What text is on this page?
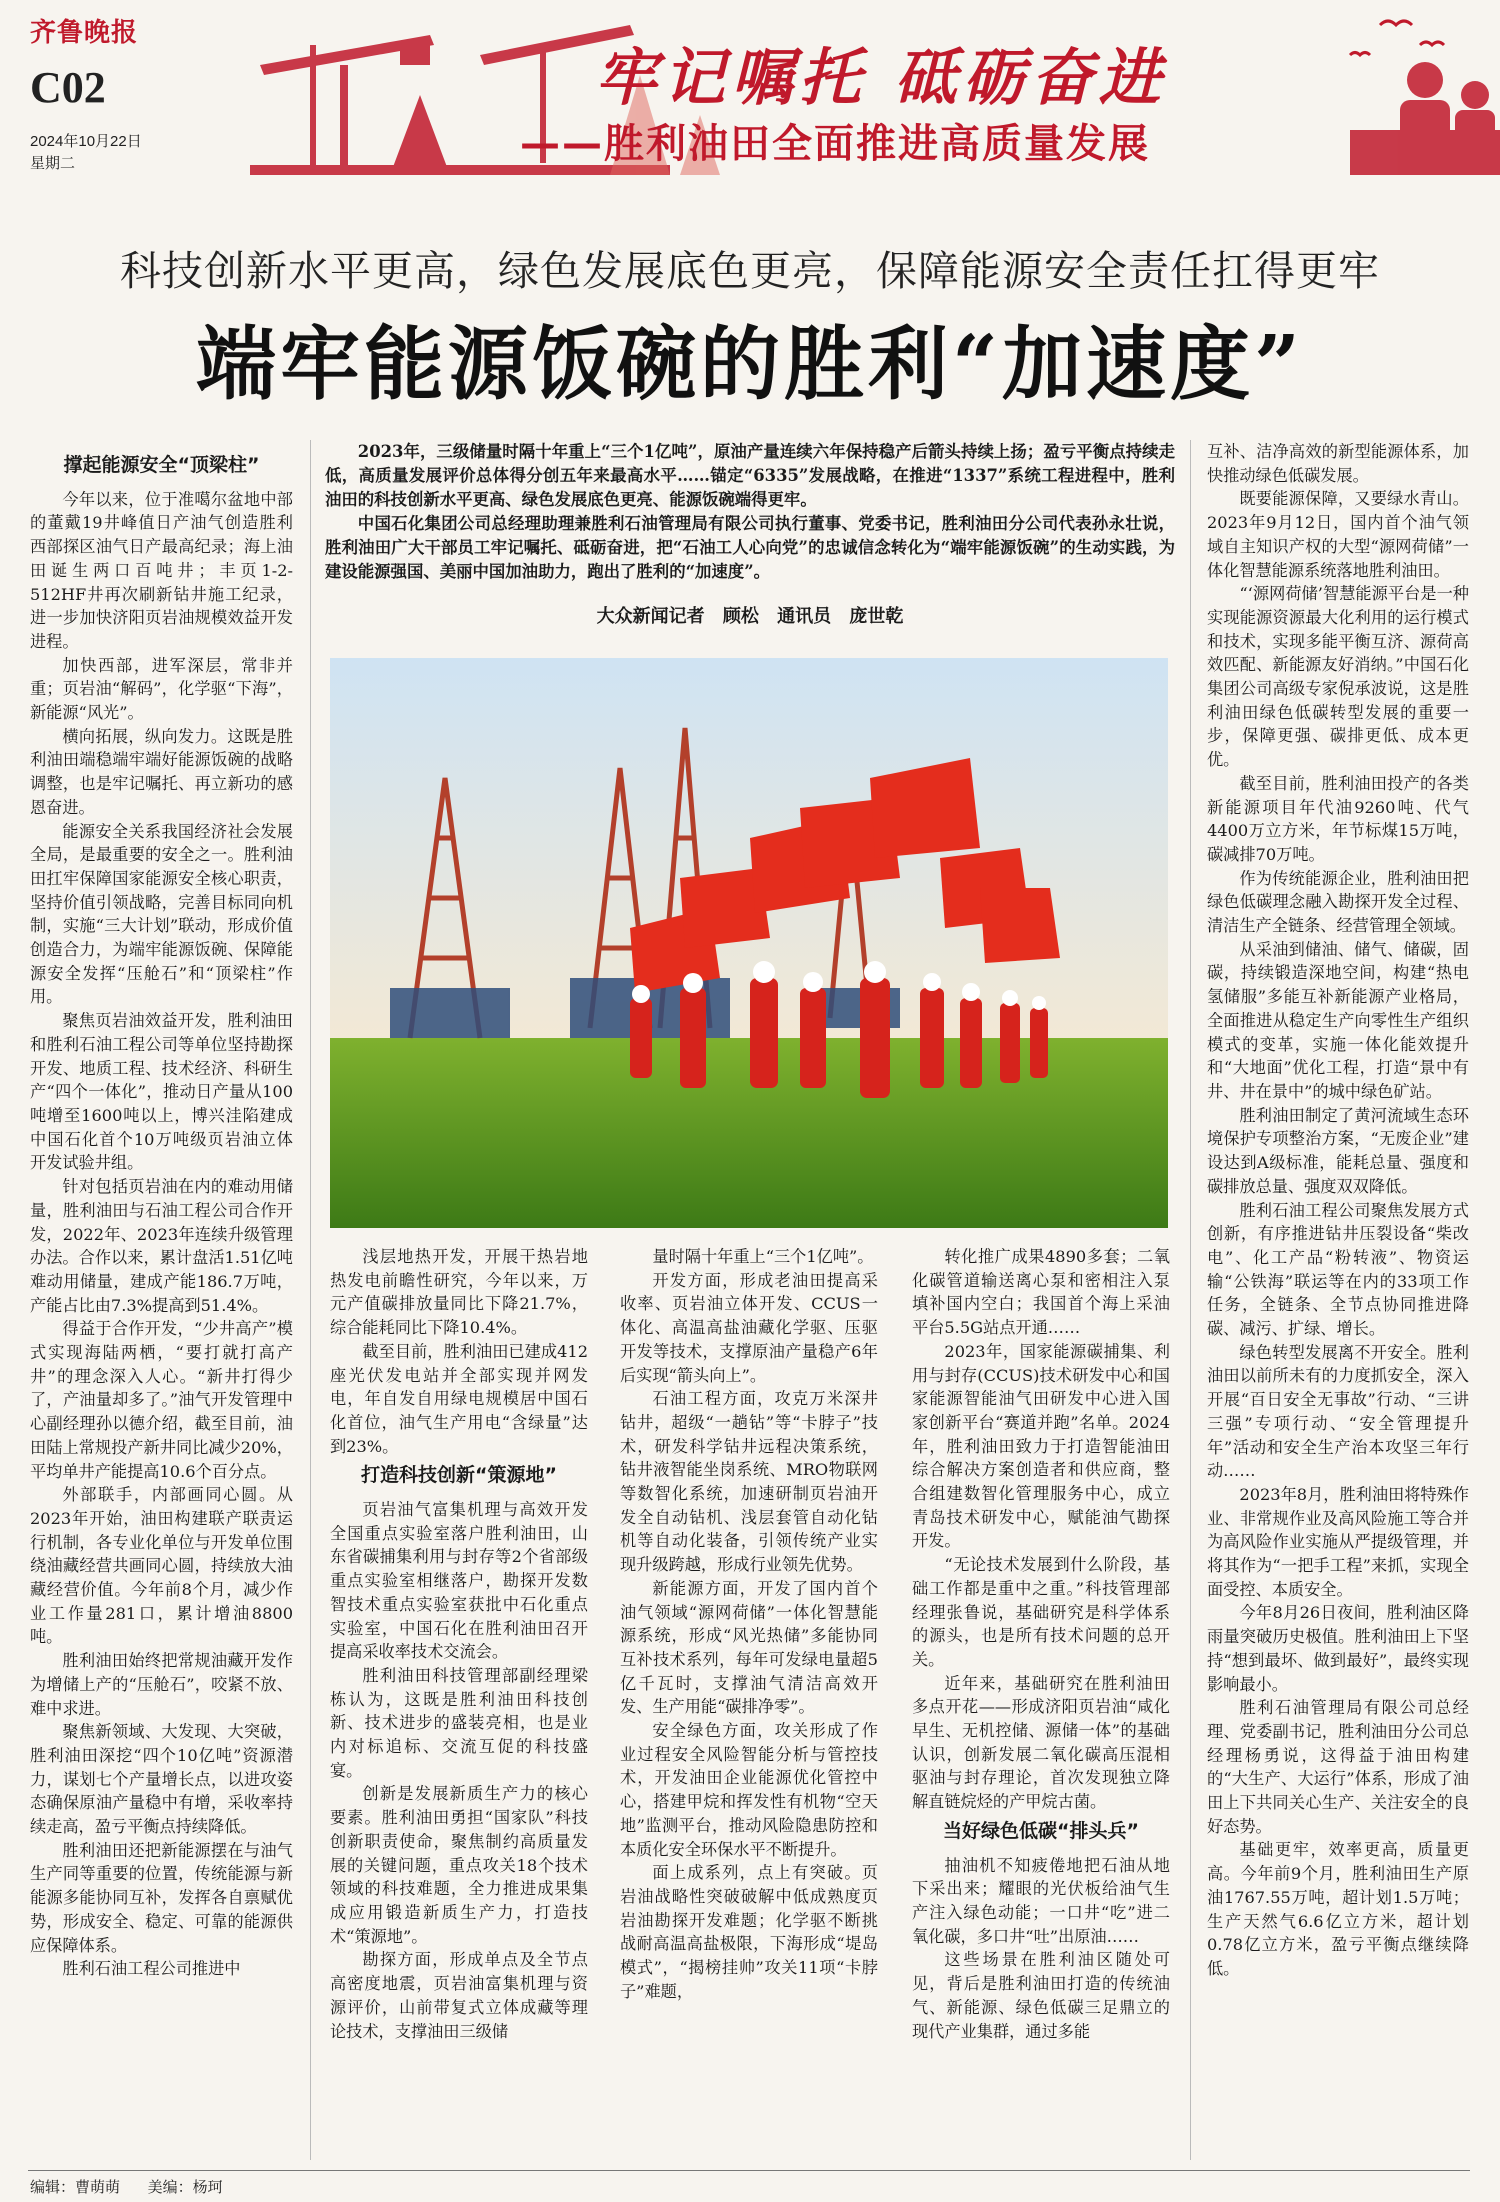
齐鲁晚报
C02
2024年10月22日
星期二
牢记嘱托 砥砺奋进
——胜利油田全面推进高质量发展
科技创新水平更高，绿色发展底色更亮，保障能源安全责任扛得更牢
端牢能源饭碗的胜利“加速度”

2023年，三级储量时隔十年重上“三个1亿吨”，原油产量连续六年保持稳产后箭头持续上扬；盈亏平衡点持续走低，高质量发展评价总体得分创五年来最高水平……锚定“6335”发展战略，在推进“1337”系统工程进程中，胜利油田的科技创新水平更高、绿色发展底色更亮、能源饭碗端得更牢。

中国石化集团公司总经理助理兼胜利石油管理局有限公司执行董事、党委书记，胜利油田分公司代表孙永壮说，胜利油田广大干部员工牢记嘱托、砥砺奋进，把“石油工人心向党”的忠诚信念转化为“端牢能源饭碗”的生动实践，为建设能源强国、美丽中国加油助力，跑出了胜利的“加速度”。

大众新闻记者 顾松 通讯员 庞世乾
撑起能源安全“顶梁柱”

今年以来，位于准噶尔盆地中部的董戴19井峰值日产油气创造胜利西部探区油气日产最高纪录；海上油田诞生两口百吨井；丰页1-2-512HF井再次刷新钻井施工纪录，进一步加快济阳页岩油规模效益开发进程。

加快西部，进军深层，常非并重；页岩油“解码”，化学驱“下海”，新能源“风光”。

横向拓展，纵向发力。这既是胜利油田端稳端牢端好能源饭碗的战略调整，也是牢记嘱托、再立新功的感恩奋进。

能源安全关系我国经济社会发展全局，是最重要的安全之一。胜利油田扛牢保障国家能源安全核心职责，坚持价值引领战略，完善目标同向机制，实施“三大计划”联动，形成价值创造合力，为端牢能源饭碗、保障能源安全发挥“压舱石”和“顶梁柱”作用。

聚焦页岩油效益开发，胜利油田和胜利石油工程公司等单位坚持勘探开发、地质工程、技术经济、科研生产“四个一体化”，推动日产量从100吨增至1600吨以上，博兴洼陷建成中国石化首个10万吨级页岩油立体开发试验井组。

针对包括页岩油在内的难动用储量，胜利油田与石油工程公司合作开发，2022年、2023年连续升级管理办法。合作以来，累计盘活1.51亿吨难动用储量，建成产能186.7万吨，产能占比由7.3%提高到51.4%。

得益于合作开发，“少井高产”模式实现海陆两栖，“要打就打高产井”的理念深入人心。“新井打得少了，产油量却多了。”油气开发管理中心副经理孙以德介绍，截至目前，油田陆上常规投产新井同比减少20%，平均单井产能提高10.6个百分点。

外部联手，内部画同心圆。从2023年开始，油田构建联产联责运行机制，各专业化单位与开发单位围绕油藏经营共画同心圆，持续放大油藏经营价值。今年前8个月，减少作业工作量281口，累计增油8800吨。

胜利油田始终把常规油藏开发作为增储上产的“压舱石”，咬紧不放、难中求进。

聚焦新领域、大发现、大突破，胜利油田深挖“四个10亿吨”资源潜力，谋划七个产量增长点，以进攻姿态确保原油产量稳中有增，采收率持续走高，盈亏平衡点持续降低。

胜利油田还把新能源摆在与油气生产同等重要的位置，传统能源与新能源多能协同互补，发挥各自禀赋优势，形成安全、稳定、可靠的能源供应保障体系。

胜利石油工程公司推进中

浅层地热开发，开展干热岩地热发电前瞻性研究，今年以来，万元产值碳排放量同比下降21.7%，综合能耗同比下降10.4%。

截至目前，胜利油田已建成412座光伏发电站并全部实现并网发电，年自发自用绿电规模居中国石化首位，油气生产用电“含绿量”达到23%。

打造科技创新“策源地”

页岩油气富集机理与高效开发全国重点实验室落户胜利油田，山东省碳捕集利用与封存等2个省部级重点实验室相继落户，勘探开发数智技术重点实验室获批中石化重点实验室，中国石化在胜利油田召开提高采收率技术交流会。

胜利油田科技管理部副经理梁栋认为，这既是胜利油田科技创新、技术进步的盛装亮相，也是业内对标追标、交流互促的科技盛宴。

创新是发展新质生产力的核心要素。胜利油田勇担“国家队”科技创新职责使命，聚焦制约高质量发展的关键问题，重点攻关18个技术领域的科技难题，全力推进成果集成应用锻造新质生产力，打造技术“策源地”。

勘探方面，形成单点及全节点高密度地震，页岩油富集机理与资源评价，山前带复式立体成藏等理论技术，支撑油田三级储

量时隔十年重上“三个1亿吨”。

开发方面，形成老油田提高采收率、页岩油立体开发、CCUS一体化、高温高盐油藏化学驱、压驱开发等技术，支撑原油产量稳产6年后实现“箭头向上”。

石油工程方面，攻克万米深井钻井，超级“一趟钻”等“卡脖子”技术，研发科学钻井远程决策系统，钻井液智能坐岗系统、MRO物联网等数智化系统，加速研制页岩油开发全自动钻机、浅层套管自动化钻机等自动化装备，引领传统产业实现升级跨越，形成行业领先优势。

新能源方面，开发了国内首个油气领域“源网荷储”一体化智慧能源系统，形成“风光热储”多能协同互补技术系列，每年可发绿电量超5亿千瓦时，支撑油气清洁高效开发、生产用能“碳排净零”。

安全绿色方面，攻关形成了作业过程安全风险智能分析与管控技术，开发油田企业能源优化管控中心，搭建甲烷和挥发性有机物“空天地”监测平台，推动风险隐患防控和本质化安全环保水平不断提升。

面上成系列，点上有突破。页岩油战略性突破破解中低成熟度页岩油勘探开发难题；化学驱不断挑战耐高温高盐极限，下海形成“堤岛模式”，“揭榜挂帅”攻关11项“卡脖子”难题，

转化推广成果4890多套；二氧化碳管道输送离心泵和密相注入泵填补国内空白；我国首个海上采油平台5.5G站点开通……

2023年，国家能源碳捕集、利用与封存(CCUS)技术研发中心和国家能源智能油气田研发中心进入国家创新平台“赛道并跑”名单。2024年，胜利油田致力于打造智能油田综合解决方案创造者和供应商，整合组建数智化管理服务中心，成立青岛技术研发中心，赋能油气勘探开发。

“无论技术发展到什么阶段，基础工作都是重中之重。”科技管理部经理张鲁说，基础研究是科学体系的源头，也是所有技术问题的总开关。

近年来，基础研究在胜利油田多点开花——形成济阳页岩油“咸化早生、无机控储、源储一体”的基础认识，创新发展二氧化碳高压混相驱油与封存理论，首次发现独立降解直链烷烃的产甲烷古菌。

当好绿色低碳“排头兵”

抽油机不知疲倦地把石油从地下采出来；耀眼的光伏板给油气生产注入绿色动能；一口井“吃”进二氧化碳，多口井“吐”出原油……

这些场景在胜利油区随处可见，背后是胜利油田打造的传统油气、新能源、绿色低碳三足鼎立的现代产业集群，通过多能

互补、洁净高效的新型能源体系，加快推动绿色低碳发展。

既要能源保障，又要绿水青山。2023年9月12日，国内首个油气领域自主知识产权的大型“源网荷储”一体化智慧能源系统落地胜利油田。

“‘源网荷储’智慧能源平台是一种实现能源资源最大化利用的运行模式和技术，实现多能平衡互济、源荷高效匹配、新能源友好消纳。”中国石化集团公司高级专家倪承波说，这是胜利油田绿色低碳转型发展的重要一步，保障更强、碳排更低、成本更优。

截至目前，胜利油田投产的各类新能源项目年代油9260吨、代气4400万立方米，年节标煤15万吨，碳减排70万吨。

作为传统能源企业，胜利油田把绿色低碳理念融入勘探开发全过程、清洁生产全链条、经营管理全领域。

从采油到储油、储气、储碳，固碳，持续锻造深地空间，构建“热电氢储服”多能互补新能源产业格局，全面推进从稳定生产向零性生产组织模式的变革，实施一体化能效提升和“大地面”优化工程，打造“景中有井、井在景中”的城中绿色矿站。

胜利油田制定了黄河流域生态环境保护专项整治方案，“无废企业”建设达到A级标准，能耗总量、强度和碳排放总量、强度双双降低。

胜利石油工程公司聚焦发展方式创新，有序推进钻井压裂设备“柴改电”、化工产品“粉转液”、物资运输“公铁海”联运等在内的33项工作任务，全链条、全节点协同推进降碳、减污、扩绿、增长。

绿色转型发展离不开安全。胜利油田以前所未有的力度抓安全，深入开展“百日安全无事故”行动、“三讲三强”专项行动、“安全管理提升年”活动和安全生产治本攻坚三年行动……

2023年8月，胜利油田将特殊作业、非常规作业及高风险施工等合并为高风险作业实施从严提级管理，并将其作为“一把手工程”来抓，实现全面受控、本质安全。

今年8月26日夜间，胜利油区降雨量突破历史极值。胜利油田上下坚持“想到最坏、做到最好”，最终实现影响最小。

胜利石油管理局有限公司总经理、党委副书记，胜利油田分公司总经理杨勇说，这得益于油田构建的“大生产、大运行”体系，形成了油田上下共同关心生产、关注安全的良好态势。

基础更牢，效率更高，质量更高。今年前9个月，胜利油田生产原油1767.55万吨，超计划1.5万吨；生产天然气6.6亿立方米，超计划0.78亿立方米，盈亏平衡点继续降低。

编辑：曹萌萌 美编：杨珂
